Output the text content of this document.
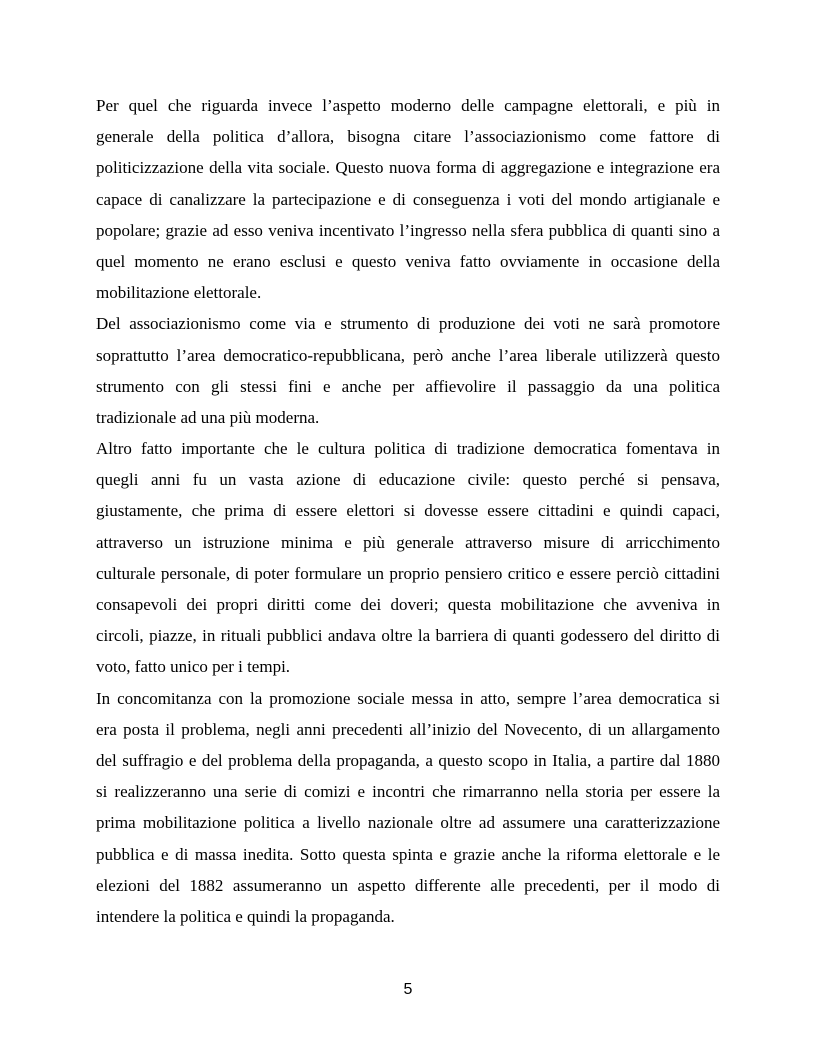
Per quel che riguarda invece l’aspetto moderno delle campagne elettorali, e più in
generale della politica d’allora, bisogna citare l’associazionismo come fattore di
politicizzazione della vita sociale. Questo nuova forma di aggregazione e integrazione era
capace di canalizzare la partecipazione e di conseguenza i voti del mondo artigianale e
popolare; grazie ad esso veniva incentivato l’ingresso nella sfera pubblica di quanti sino a
quel momento ne erano esclusi e questo veniva fatto ovviamente in occasione della
mobilitazione elettorale.
Del associazionismo come via e strumento di produzione dei voti ne sarà promotore
soprattutto l’area democratico-repubblicana, però anche l’area liberale utilizzerà questo
strumento con gli stessi fini e anche per affievolire il passaggio da una politica
tradizionale ad una più moderna.
Altro fatto importante che le cultura politica di tradizione democratica fomentava in
quegli anni fu un vasta azione di educazione civile: questo perché si pensava,
giustamente, che prima di essere elettori si dovesse essere cittadini e quindi capaci,
attraverso un istruzione minima e più generale attraverso misure di arricchimento
culturale personale, di poter formulare un proprio pensiero critico e essere perciò cittadini
consapevoli dei propri diritti come dei doveri; questa mobilitazione che avveniva in
circoli, piazze, in rituali pubblici andava oltre la barriera di quanti godessero del diritto di
voto, fatto unico per i tempi.
In concomitanza con la promozione sociale messa in atto, sempre l’area democratica si
era posta il problema, negli anni precedenti all’inizio del Novecento, di un allargamento
del suffragio e del problema della propaganda, a questo scopo in Italia, a partire dal 1880
si realizzeranno una serie di comizi e incontri che rimarranno nella storia per essere la
prima mobilitazione politica a livello nazionale oltre ad assumere una caratterizzazione
pubblica e di massa inedita. Sotto questa spinta e grazie anche la riforma elettorale e le
elezioni del 1882 assumeranno un aspetto differente alle precedenti, per il modo di
intendere la politica e quindi la propaganda.
5
